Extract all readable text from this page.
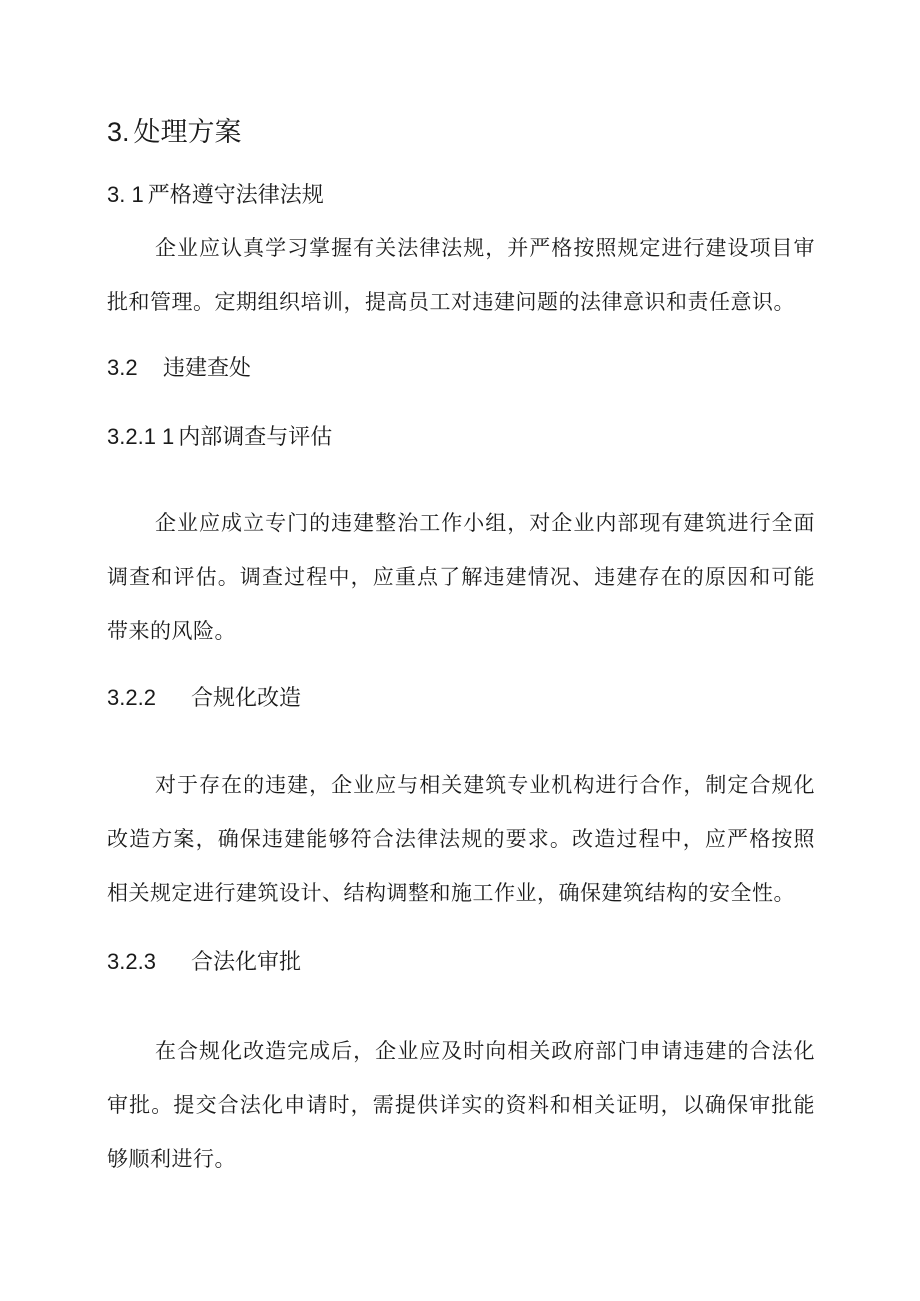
3. 处理方案
3. 1 严格遵守法律法规

企业应认真学习掌握有关法律法规，并严格按照规定进行建设项目审批和管理。定期组织培训，提高员工对违建问题的法律意识和责任意识。

3.2 违建查处
3.2.1 1 内部调查与评估

企业应成立专门的违建整治工作小组，对企业内部现有建筑进行全面调查和评估。调查过程中，应重点了解违建情况、违建存在的原因和可能带来的风险。

3.2.2 合规化改造

对于存在的违建，企业应与相关建筑专业机构进行合作，制定合规化改造方案，确保违建能够符合法律法规的要求。改造过程中，应严格按照相关规定进行建筑设计、结构调整和施工作业，确保建筑结构的安全性。

3.2.3 合法化审批

在合规化改造完成后，企业应及时向相关政府部门申请违建的合法化审批。提交合法化申请时，需提供详实的资料和相关证明，以确保审批能够顺利进行。
